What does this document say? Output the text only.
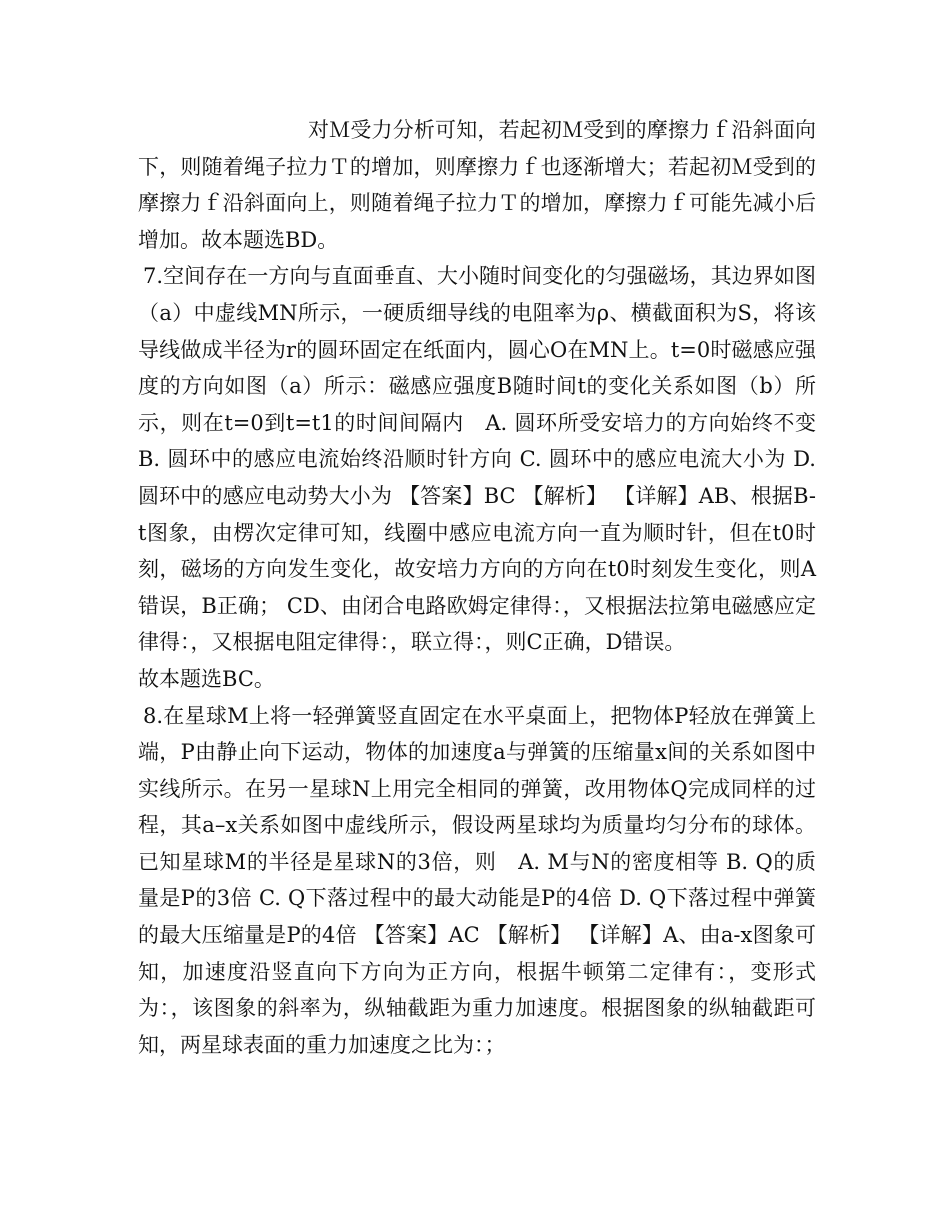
对Ｍ受力分析可知，若起初Ｍ受到的摩擦力ｆ沿斜面向下，则随着绳子拉力Ｔ的增加，则摩擦力ｆ也逐渐增大；若起初Ｍ受到的摩擦力ｆ沿斜面向上，则随着绳子拉力Ｔ的增加，摩擦力ｆ可能先减小后增加。故本题选BD。

7.空间存在一方向与直面垂直、大小随时间变化的匀强磁场，其边界如图（a）中虚线MN所示，一硬质细导线的电阻率为ρ、横截面积为S，将该导线做成半径为r的圆环固定在纸面内，圆心O在MN上。t=0时磁感应强度的方向如图（a）所示：磁感应强度B随时间t的变化关系如图（b）所示，则在t=0到t=t1的时间间隔内　A. 圆环所受安培力的方向始终不变 B. 圆环中的感应电流始终沿顺时针方向 C. 圆环中的感应电流大小为 D. 圆环中的感应电动势大小为 【答案】BC 【解析】 【详解】AB、根据B-t图象，由楞次定律可知，线圈中感应电流方向一直为顺时针，但在t0时刻，磁场的方向发生变化，故安培力方向的方向在t0时刻发生变化，则A错误，B正确； CD、由闭合电路欧姆定律得：，又根据法拉第电磁感应定律得：，又根据电阻定律得：，联立得：，则C正确，D错误。

故本题选BC。

8.在星球M上将一轻弹簧竖直固定在水平桌面上，把物体P轻放在弹簧上端，P由静止向下运动，物体的加速度a与弹簧的压缩量x间的关系如图中实线所示。在另一星球N上用完全相同的弹簧，改用物体Q完成同样的过程，其a–x关系如图中虚线所示，假设两星球均为质量均匀分布的球体。已知星球M的半径是星球N的3倍，则　A. M与N的密度相等 B. Q的质量是P的3倍 C. Q下落过程中的最大动能是P的4倍 D. Q下落过程中弹簧的最大压缩量是P的4倍 【答案】AC 【解析】 【详解】A、由a-x图象可知，加速度沿竖直向下方向为正方向，根据牛顿第二定律有：，变形式为：，该图象的斜率为，纵轴截距为重力加速度。根据图象的纵轴截距可知，两星球表面的重力加速度之比为：；
